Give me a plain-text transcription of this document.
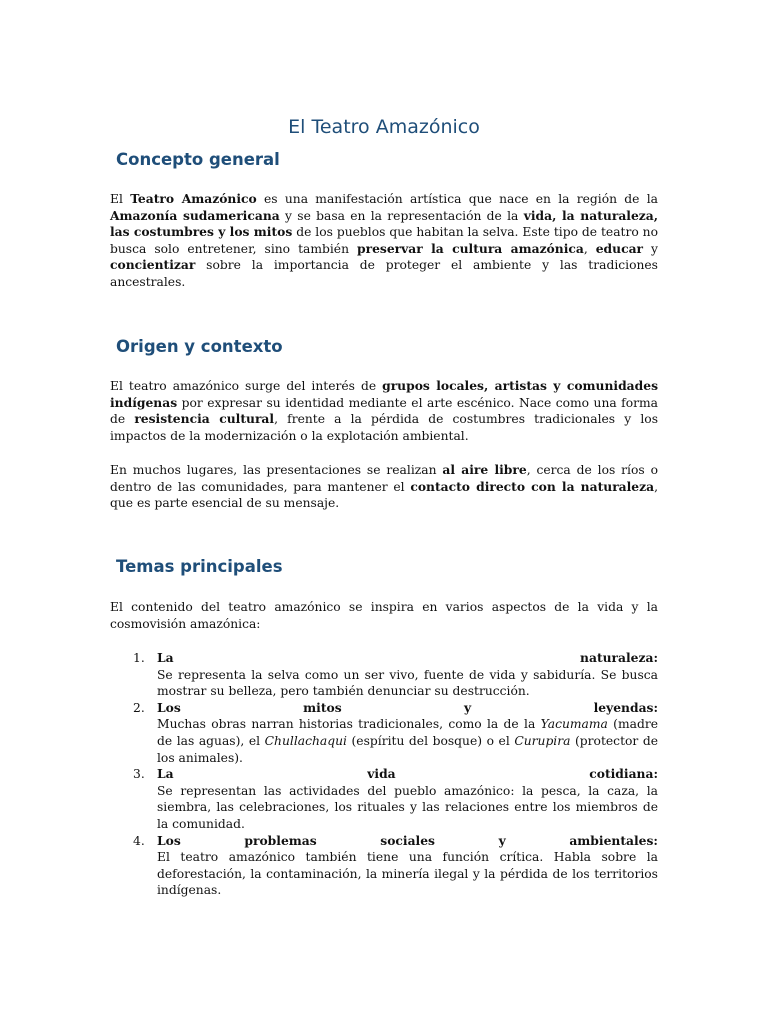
El Teatro Amazónico
Concepto general

El Teatro Amazónico es una manifestación artística que nace en la región de la Amazonía sudamericana y se basa en la representación de la vida, la naturaleza, las costumbres y los mitos de los pueblos que habitan la selva. Este tipo de teatro no busca solo entretener, sino también preservar la cultura amazónica, educar y concientizar sobre la importancia de proteger el ambiente y las tradiciones ancestrales.

Origen y contexto

El teatro amazónico surge del interés de grupos locales, artistas y comunidades indígenas por expresar su identidad mediante el arte escénico. Nace como una forma de resistencia cultural, frente a la pérdida de costumbres tradicionales y los impactos de la modernización o la explotación ambiental.

En muchos lugares, las presentaciones se realizan al aire libre, cerca de los ríos o dentro de las comunidades, para mantener el contacto directo con la naturaleza, que es parte esencial de su mensaje.

Temas principales

El contenido del teatro amazónico se inspira en varios aspectos de la vida y la cosmovisión amazónica:

1. La	naturaleza:
Se representa la selva como un ser vivo, fuente de vida y sabiduría. Se busca mostrar su belleza, pero también denunciar su destrucción.
2. Los	mitos	y	leyendas:
Muchas obras narran historias tradicionales, como la de la Yacumama (madre de las aguas), el Chullachaqui (espíritu del bosque) o el Curupira (protector de los animales).
3. La	vida	cotidiana:
Se representan las actividades del pueblo amazónico: la pesca, la caza, la siembra, las celebraciones, los rituales y las relaciones entre los miembros de la comunidad.
4. Los	problemas	sociales	y	ambientales:
El teatro amazónico también tiene una función crítica. Habla sobre la deforestación, la contaminación, la minería ilegal y la pérdida de los territorios indígenas.
